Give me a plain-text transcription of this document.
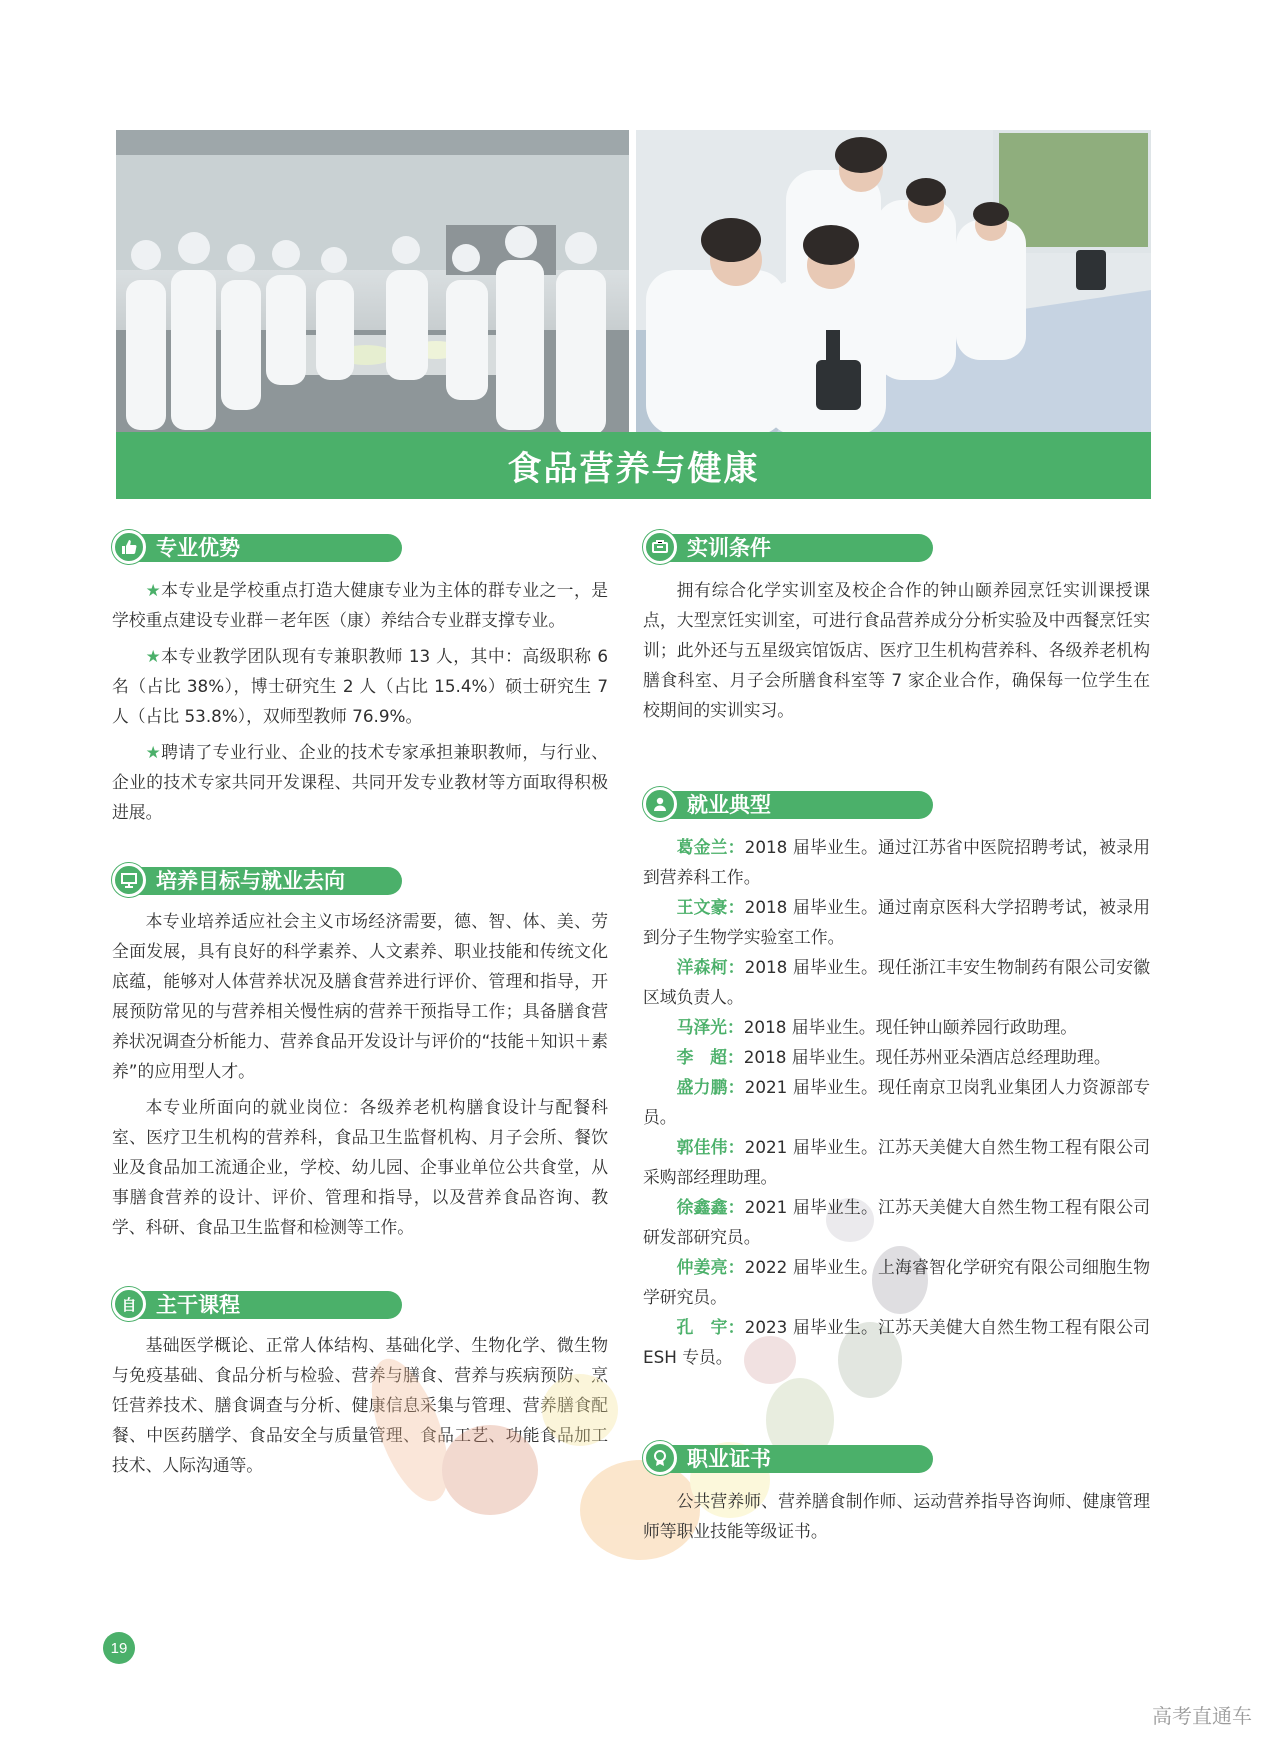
食品营养与健康
专业优势

★本专业是学校重点打造大健康专业为主体的群专业之一，是学校重点建设专业群－老年医（康）养结合专业群支撑专业。

★本专业教学团队现有专兼职教师 13 人，其中：高级职称 6 名（占比 38%），博士研究生 2 人（占比 15.4%）硕士研究生 7 人（占比 53.8%），双师型教师 76.9%。

★聘请了专业行业、企业的技术专家承担兼职教师，与行业、企业的技术专家共同开发课程、共同开发专业教材等方面取得积极进展。

培养目标与就业去向

本专业培养适应社会主义市场经济需要，德、智、体、美、劳全面发展，具有良好的科学素养、人文素养、职业技能和传统文化底蕴，能够对人体营养状况及膳食营养进行评价、管理和指导，开展预防常见的与营养相关慢性病的营养干预指导工作；具备膳食营养状况调查分析能力、营养食品开发设计与评价的“技能＋知识＋素养”的应用型人才。

本专业所面向的就业岗位：各级养老机构膳食设计与配餐科室、医疗卫生机构的营养科，食品卫生监督机构、月子会所、餐饮业及食品加工流通企业，学校、幼儿园、企事业单位公共食堂，从事膳食营养的设计、评价、管理和指导，以及营养食品咨询、教学、科研、食品卫生监督和检测等工作。

自 主干课程

基础医学概论、正常人体结构、基础化学、生物化学、微生物与免疫基础、食品分析与检验、营养与膳食、营养与疾病预防、烹饪营养技术、膳食调查与分析、健康信息采集与管理、营养膳食配餐、中医药膳学、食品安全与质量管理、食品工艺、功能食品加工技术、人际沟通等。

实训条件

拥有综合化学实训室及校企合作的钟山颐养园烹饪实训课授课点，大型烹饪实训室，可进行食品营养成分分析实验及中西餐烹饪实训；此外还与五星级宾馆饭店、医疗卫生机构营养科、各级养老机构膳食科室、月子会所膳食科室等 7 家企业合作，确保每一位学生在校期间的实训实习。

就业典型

葛金兰：2018 届毕业生。通过江苏省中医院招聘考试，被录用到营养科工作。

王文豪：2018 届毕业生。通过南京医科大学招聘考试，被录用到分子生物学实验室工作。

洋森柯：2018 届毕业生。现任浙江丰安生物制药有限公司安徽区域负责人。

马泽光：2018 届毕业生。现任钟山颐养园行政助理。

李　超：2018 届毕业生。现任苏州亚朵酒店总经理助理。

盛力鹏：2021 届毕业生。现任南京卫岗乳业集团人力资源部专员。

郭佳伟：2021 届毕业生。江苏天美健大自然生物工程有限公司采购部经理助理。

徐鑫鑫：2021 届毕业生。江苏天美健大自然生物工程有限公司研发部研究员。

仲姜亮：2022 届毕业生。上海睿智化学研究有限公司细胞生物学研究员。

孔　宇：2023 届毕业生。江苏天美健大自然生物工程有限公司 ESH 专员。

职业证书

公共营养师、营养膳食制作师、运动营养指导咨询师、健康管理师等职业技能等级证书。

19
高考直通车
